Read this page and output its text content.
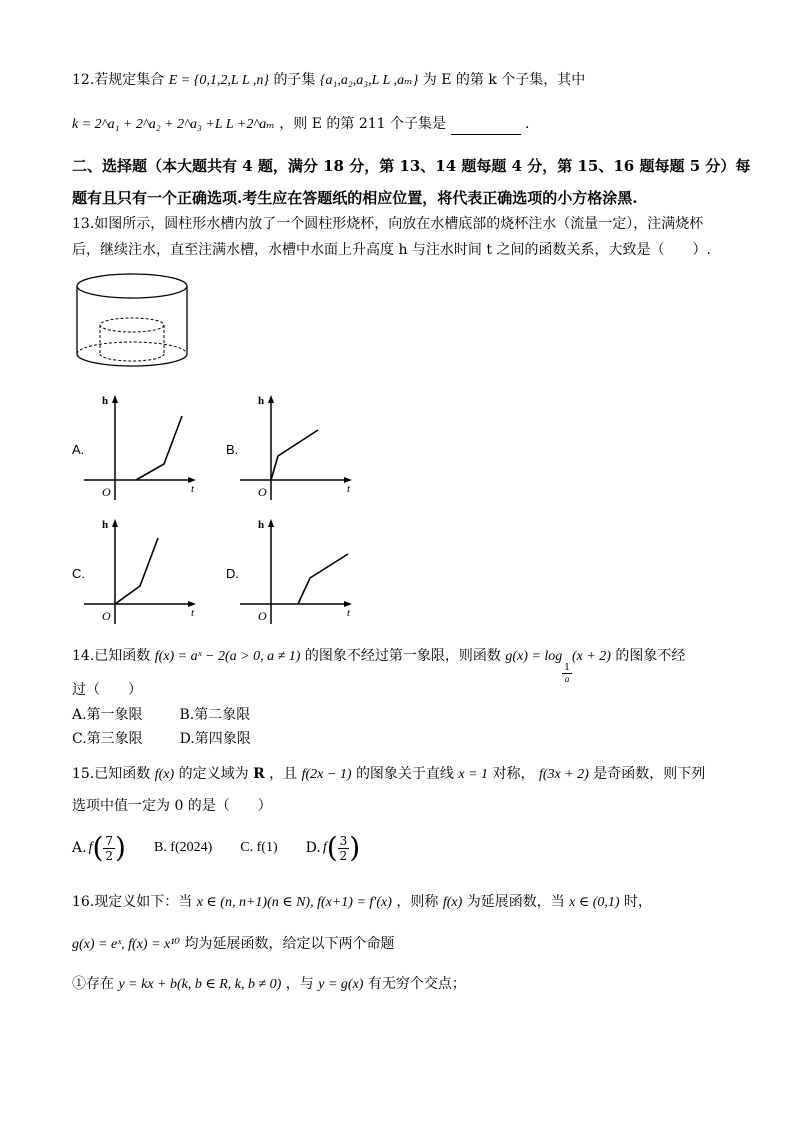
12.若规定集合 E = {0,1,2,L L ,n} 的子集 {a₁,a₂,a₃,L L ,aₘ} 为 E 的第 k 个子集，其中
k = 2^a₁ + 2^a₂ + 2^a₃ +L L +2^aₘ ，则 E 的第 211 个子集是	.
二、选择题（本大题共有 4 题，满分 18 分，第 13、14 题每题 4 分，第 15、16 题每题 5 分）每
题有且只有一个正确选项.考生应在答题纸的相应位置，将代表正确选项的小方格涂黑.
13.如图所示，圆柱形水槽内放了一个圆柱形烧杯，向放在水槽底部的烧杯注水（流量一定），注满烧杯
后，继续注水，直至注满水槽，水槽中水面上升高度 h 与注水时间 t 之间的函数关系，大致是（　　）.
A.
h
t
O
B.
h
t
O
C.
h
t
O
D.
h
t
O
14.已知函数 f(x) = aˣ − 2(a > 0, a ≠ 1) 的图象不经过第一象限，则函数 g(x) = log
$\frac{1}{a}$
(x + 2) 的图象不经
过（　　）
A.第一象限	B.第二象限
C.第三象限	D.第四象限
15.已知函数 f(x) 的定义域为 R ，且 f(2x − 1) 的图象关于直线 x = 1 对称， f(3x + 2) 是奇函数，则下列
选项中值一定为 0 的是（　　）
A. f ( $\frac{7}{2}$ ) B. f(2024) C. f(1) D. f ( $\frac{3}{2}$ )
16.现定义如下：当 x ∈ (n, n+1)(n ∈ N), f(x+1) = f′(x) ，则称 f(x) 为延展函数，当 x ∈ (0,1) 时，
g(x) = eˣ, f(x) = x¹⁰ 均为延展函数，给定以下两个命题
①存在 y = kx + b(k, b ∈ R, k, b ≠ 0) ，与 y = g(x) 有无穷个交点；
